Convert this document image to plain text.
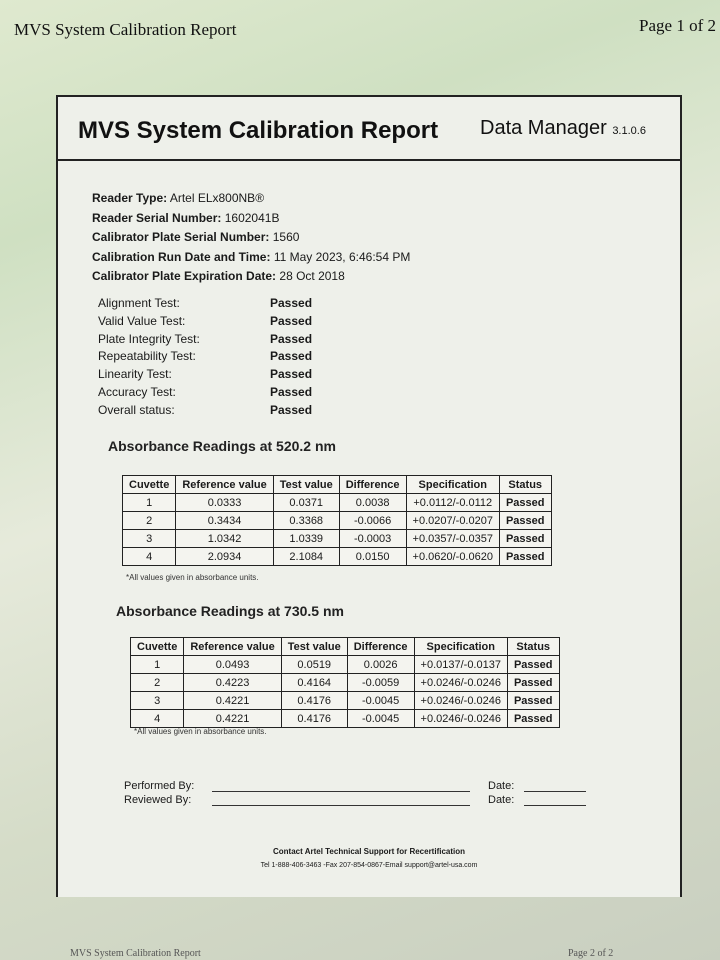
MVS System Calibration Report	Page 1 of 2
MVS System Calibration Report Data Manager 3.1.0.6
Reader Type: Artel ELx800NB®
Reader Serial Number: 1602041B
Calibrator Plate Serial Number: 1560
Calibration Run Date and Time: 11 May 2023, 6:46:54 PM
Calibrator Plate Expiration Date: 28 Oct 2018
Alignment Test:	Passed
Valid Value Test:	Passed
Plate Integrity Test:	Passed
Repeatability Test:	Passed
Linearity Test:	Passed
Accuracy Test:	Passed
Overall status:	Passed
Absorbance Readings at 520.2 nm
Cuvette	Reference value	Test value	Difference	Specification	Status
1	0.0333	0.0371	0.0038	+0.0112/-0.0112	Passed
2	0.3434	0.3368	-0.0066	+0.0207/-0.0207	Passed
3	1.0342	1.0339	-0.0003	+0.0357/-0.0357	Passed
4	2.0934	2.1084	0.0150	+0.0620/-0.0620	Passed
*All values given in absorbance units.
Absorbance Readings at 730.5 nm
Cuvette	Reference value	Test value	Difference	Specification	Status
1	0.0493	0.0519	0.0026	+0.0137/-0.0137	Passed
2	0.4223	0.4164	-0.0059	+0.0246/-0.0246	Passed
3	0.4221	0.4176	-0.0045	+0.0246/-0.0246	Passed
4	0.4221	0.4176	-0.0045	+0.0246/-0.0246	Passed
*All values given in absorbance units.
Performed By:	Date:
Reviewed By:	Date:
Contact Artel Technical Support for Recertification
Tel 1-888-406-3463 -Fax 207-854-0867-Email support@artel-usa.com
MVS System Calibration Report	Page 2 of 2
